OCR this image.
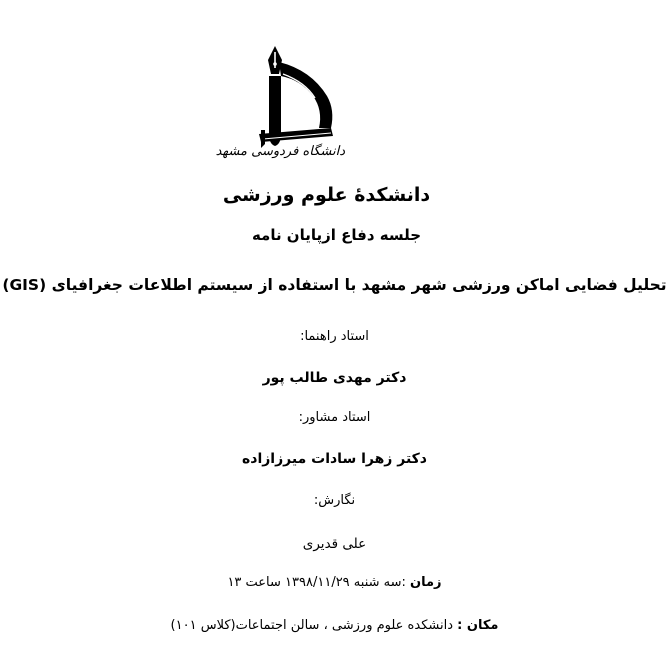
دانشگاه فردوسی مشهد
دانشکدهٔ علوم ورزشی
جلسه دفاع ازپایان نامه
تحلیل فضایی اماکن ورزشی شهر مشهد با استفاده از سیستم اطلاعات جغرافیای (GIS)
استاد راهنما:
دکتر مهدی طالب پور
استاد مشاور:
دکتر زهرا سادات میرزازاده
نگارش:
علی قدیری
زمان :سه شنبه ۱۳۹۸/۱۱/۲۹ ساعت ۱۳
مکان : دانشکده علوم ورزشی ، سالن اجتماعات(کلاس ۱۰۱)
